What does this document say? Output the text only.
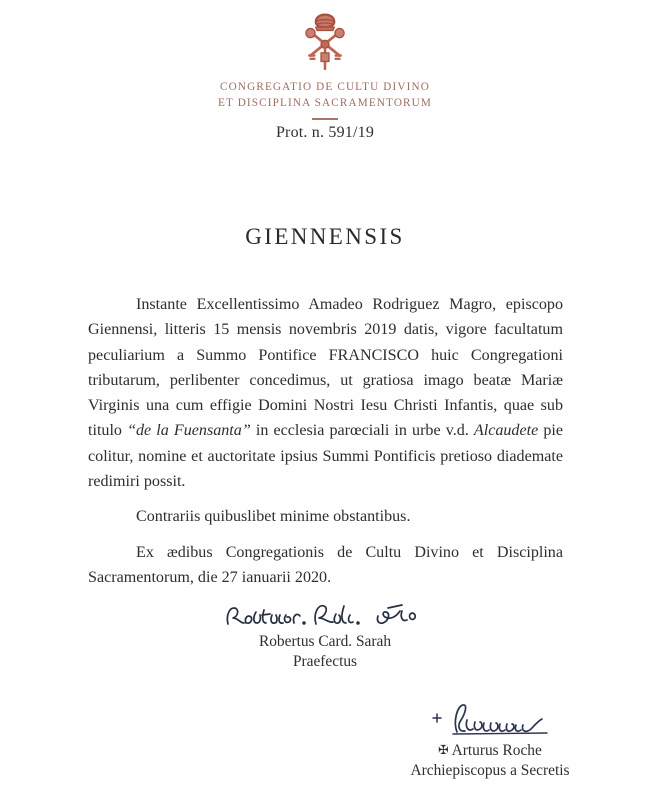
CONGREGATIO DE CULTU DIVINO
ET DISCIPLINA SACRAMENTORUM
Prot. n. 591/19
GIENNENSIS

Instante Excellentissimo Amadeo Rodriguez Magro, episcopo Giennensi, litteris 15 mensis novembris 2019 datis, vigore facultatum peculiarium a Summo Pontifice FRANCISCO huic Congregationi tributarum, perlibenter concedimus, ut gratiosa imago beatæ Mariæ Virginis una cum effigie Domini Nostri Iesu Christi Infantis, quae sub titulo “de la Fuensanta” in ecclesia parœciali in urbe v.d. Alcaudete pie colitur, nomine et auctoritate ipsius Summi Pontificis pretioso diademate redimiri possit.

Contrariis quibuslibet minime obstantibus.

Ex ædibus Congregationis de Cultu Divino et Disciplina Sacramentorum, die 27 ianuarii 2020.

Robertus Card. Sarah
Praefectus
✠ Arturus Roche
Archiepiscopus a Secretis
